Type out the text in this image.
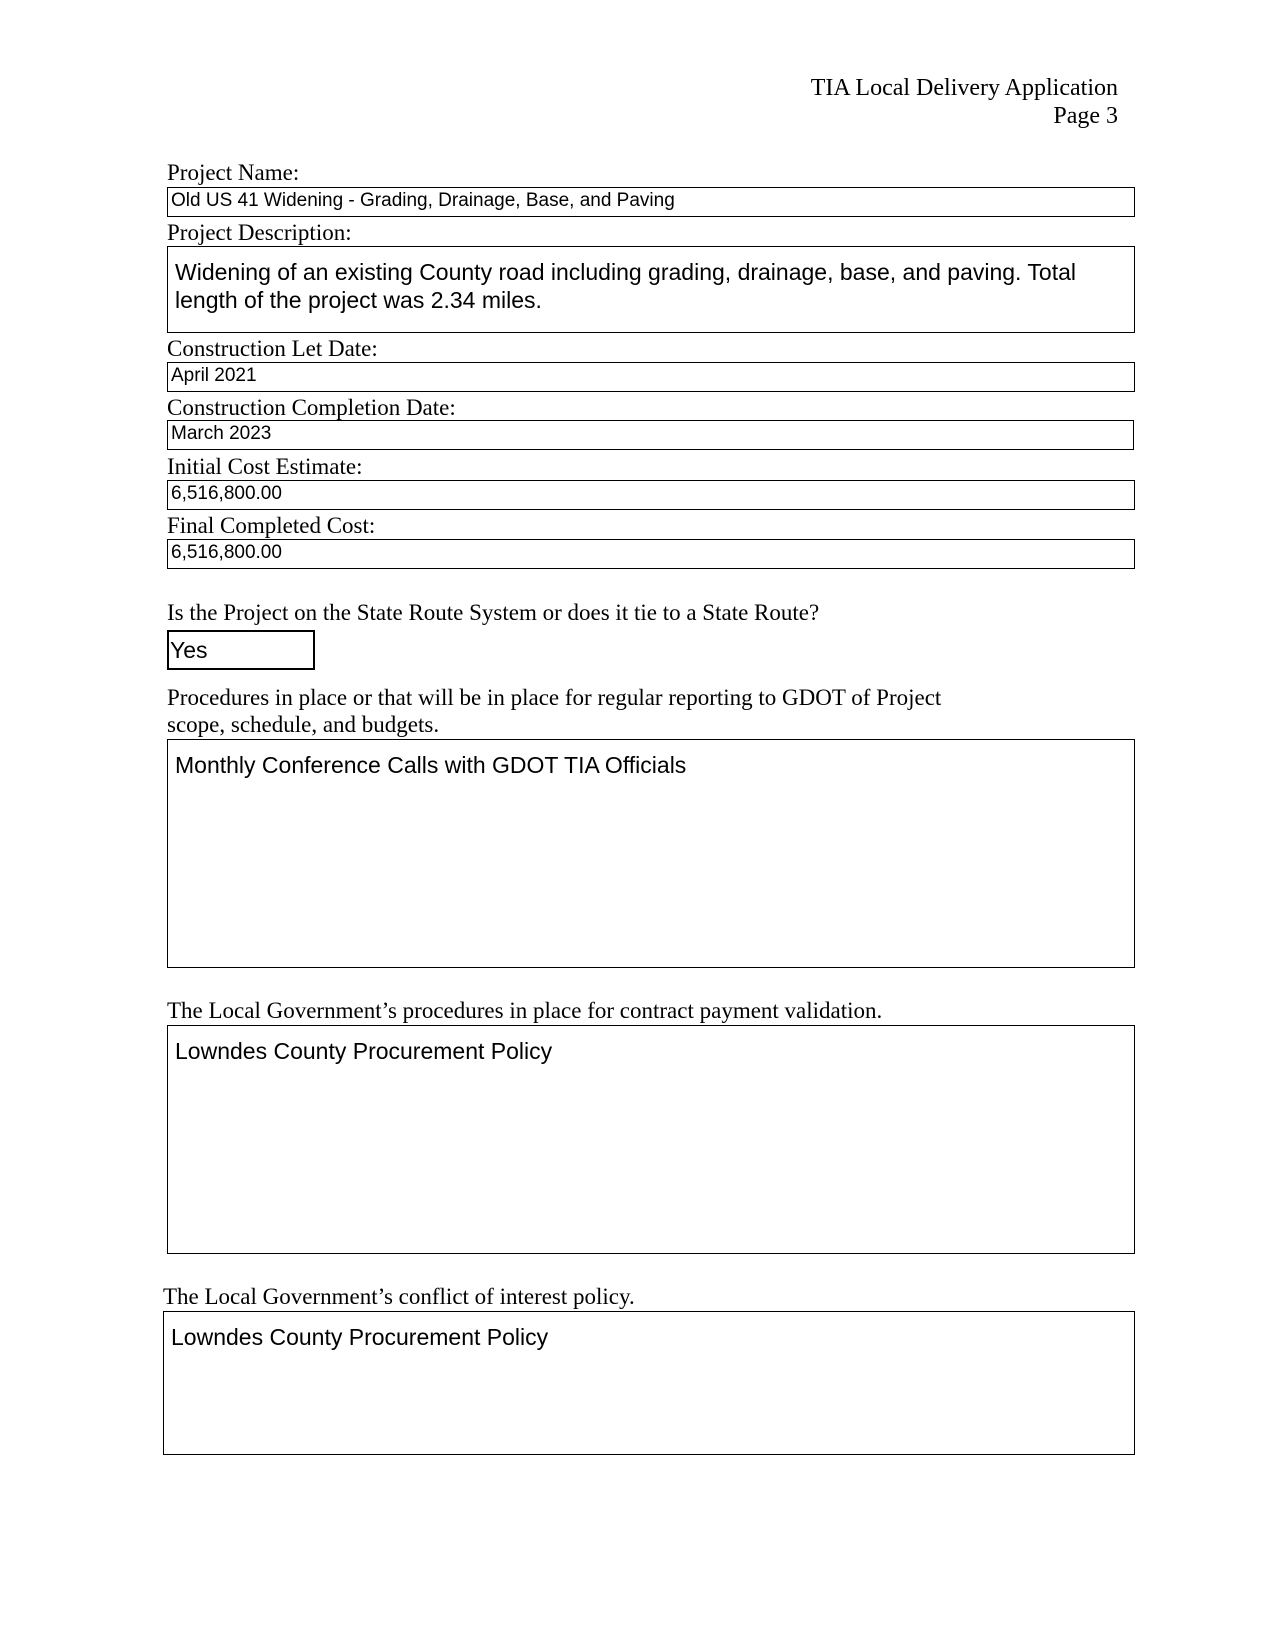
TIA Local Delivery Application
Page 3
Project Name:
Old US 41 Widening - Grading, Drainage, Base, and Paving
Project Description:
Widening of an existing County road including grading, drainage, base, and paving. Total length of the project was 2.34 miles.
Construction Let Date:
April 2021
Construction Completion Date:
March 2023
Initial Cost Estimate:
6,516,800.00
Final Completed Cost:
6,516,800.00
Is the Project on the State Route System or does it tie to a State Route?
Yes
Procedures in place or that will be in place for regular reporting to GDOT of Project
scope, schedule, and budgets.
Monthly Conference Calls with GDOT TIA Officials
The Local Government’s procedures in place for contract payment validation.
Lowndes County Procurement Policy
The Local Government’s conflict of interest policy.
Lowndes County Procurement Policy
